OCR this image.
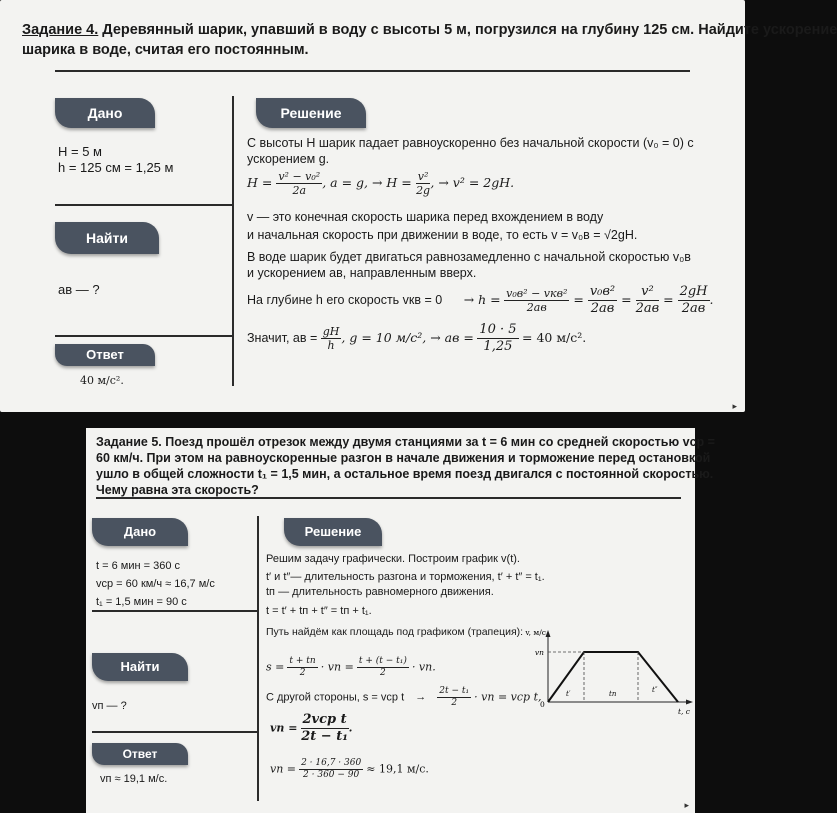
Задание 4. Деревянный шарик, упавший в воду с высоты 5 м, погрузился на глубину 125 см. Найдите ускорение
шарика в воде, считая его постоянным.
Дано	Решение
Найти
Ответ
H = 5 м
h = 125 см = 1,25 м
aв — ?
40 м/с².
С высоты H шарик падает равноускоренно без начальной скорости (v₀ = 0) с
ускорением g.
$H = \frac{\text{v² − v₀²}}{2a}$ , a = g, → $H = \frac{\text{v²}}{2g}$ , → v² = 2gH.
v — это конечная скорость шарика перед вхождением в воду
и начальная скорость при движении в воде, то есть v = v₀в = √2gH.
В воде шарик будет двигаться равнозамедленно с начальной скоростью v₀в
и ускорением aв, направленным вверх.
На глубине h его скорость vкв = $0 \to h = \frac{\text{v₀в² − vкв²}}{2aв} = \frac{\text{v₀в²}}{2aв} = \frac{\text{v²}}{2aв} = \frac{2gH}{2aв}$ .
Значит, aв = $\frac{gH}{h}$ , g = 10 м/с², → aв = $\frac{10 \cdot 5}{1,25} = 40$ м/с².
▸
Задание 5. Поезд прошёл отрезок между двумя станциями за t = 6 мин со средней скоростью vср =
60 км/ч. При этом на равноускоренные разгон в начале движения и торможение перед остановкой
ушло в общей сложности t₁ = 1,5 мин, а остальное время поезд двигался с постоянной скоростью.
Чему равна эта скорость?
Дано	Решение
Найти
Ответ
t = 6 мин = 360 с
vср = 60 км/ч ≈ 16,7 м/с
t₁ = 1,5 мин = 90 с
vп — ?
vп ≈ 19,1 м/с.
Решим задачу графически. Построим график v(t).
t′ и t″— длительность разгона и торможения, t′ + t″ = t₁.
tп — длительность равномерного движения.
t = t′ + tп + t″ = tп + t₁.
Путь найдём как площадь под графиком (трапеция):
$s = \frac{t + tп}{2}$ · vп = $\frac{\text{t + (t − t₁)}}{2}$ · vп.
С другой стороны, s = vср $t \to \frac{\text{2t − t₁}}{2}$ · vп = vср t,
vп = $\frac{\text{2vср t}}{\text{2t − t₁}}$ .
vп = $\frac{2 \cdot 16,7 \cdot 360}{2 \cdot 360 - 90} \approx 19,1$ м/с.
v, м/с
vп
0
t′	tп	t″
t, c
▸
